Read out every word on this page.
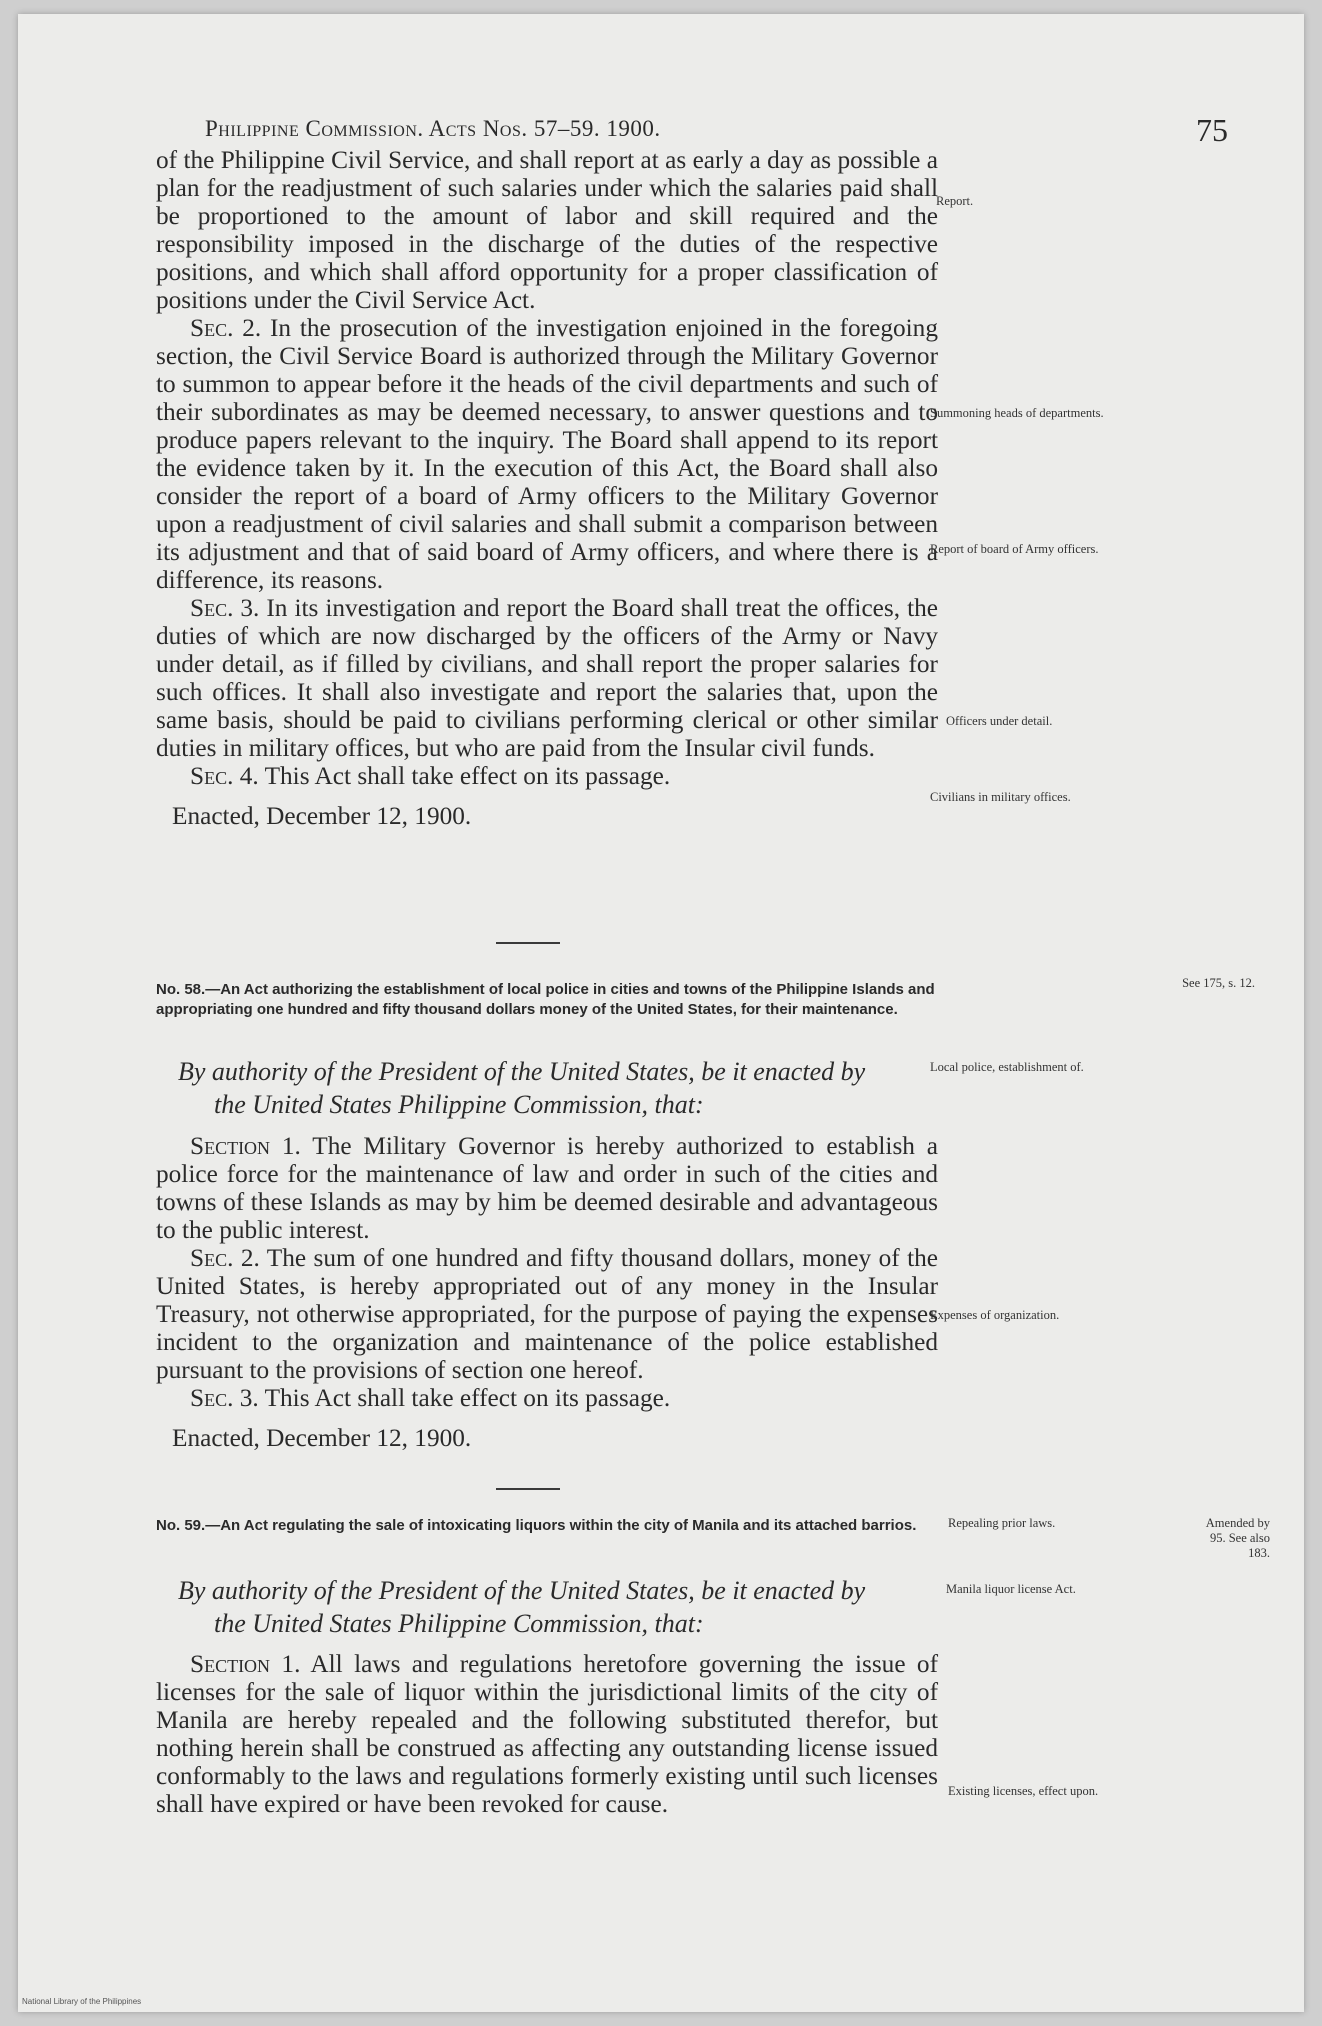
Philippine Commission. Acts Nos. 57–59. 1900.	75

of the Philippine Civil Service, and shall report at as early a day as possible a plan for the readjustment of such salaries under which the salaries paid shall be proportioned to the amount of labor and skill required and the responsibility imposed in the discharge of the duties of the respective positions, and which shall afford opportunity for a proper classification of positions under the Civil Service Act.

Sec. 2. In the prosecution of the investigation enjoined in the foregoing section, the Civil Service Board is authorized through the Military Governor to summon to appear before it the heads of the civil departments and such of their subordinates as may be deemed necessary, to answer questions and to produce papers relevant to the inquiry. The Board shall append to its report the evidence taken by it. In the execution of this Act, the Board shall also consider the report of a board of Army officers to the Military Governor upon a readjustment of civil salaries and shall submit a comparison between its adjustment and that of said board of Army officers, and where there is a difference, its reasons.

Sec. 3. In its investigation and report the Board shall treat the offices, the duties of which are now discharged by the officers of the Army or Navy under detail, as if filled by civilians, and shall report the proper salaries for such offices. It shall also investigate and report the salaries that, upon the same basis, should be paid to civilians performing clerical or other similar duties in military offices, but who are paid from the Insular civil funds.

Sec. 4. This Act shall take effect on its passage.

Enacted, December 12, 1900.

No. 58.—An Act authorizing the establishment of local police in cities and towns of the Philippine Islands and appropriating one hundred and fifty thousand dollars money of the United States, for their maintenance.
By authority of the President of the United States, be it enacted by
the United States Philippine Commission, that:

Section 1. The Military Governor is hereby authorized to establish a police force for the maintenance of law and order in such of the cities and towns of these Islands as may by him be deemed desirable and advantageous to the public interest.

Sec. 2. The sum of one hundred and fifty thousand dollars, money of the United States, is hereby appropriated out of any money in the Insular Treasury, not otherwise appropriated, for the purpose of paying the expenses incident to the organization and maintenance of the police established pursuant to the provisions of section one hereof.

Sec. 3. This Act shall take effect on its passage.

Enacted, December 12, 1900.

No. 59.—An Act regulating the sale of intoxicating liquors within the city of Manila and its attached barrios.
By authority of the President of the United States, be it enacted by
the United States Philippine Commission, that:

Section 1. All laws and regulations heretofore governing the issue of licenses for the sale of liquor within the jurisdictional limits of the city of Manila are hereby repealed and the following substituted therefor, but nothing herein shall be construed as affecting any outstanding license issued conformably to the laws and regulations formerly existing until such licenses shall have expired or have been revoked for cause.

Report.
Summoning heads of departments.
Report of board of Army officers.
Officers under detail.
Civilians in military offices.
Local police, establishment of.
Expenses of organization.
Repealing prior laws.
Manila liquor license Act.
Existing licenses, effect upon.
See 175, s. 12.
Amended by 95. See also 183.
National Library of the Philippines
